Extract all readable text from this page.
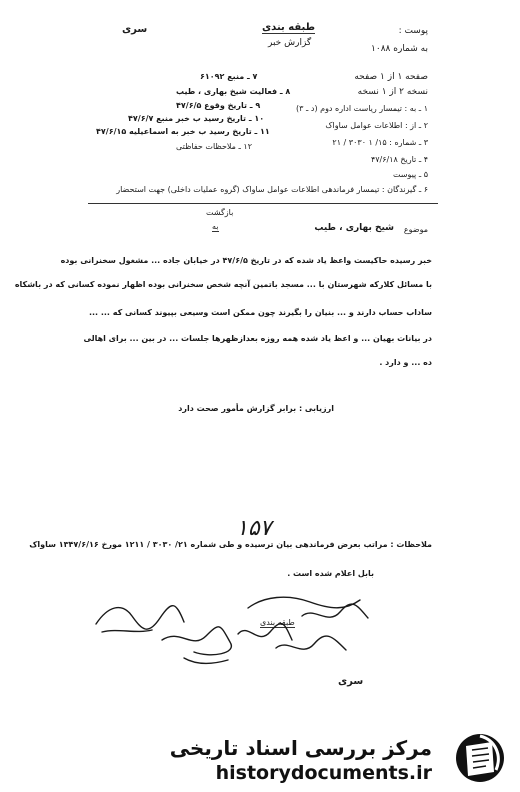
سری	طبقه بندی
گزارش خبر
پوست :
به شماره ۱۰۸۸
صفحه ۱ از ۱ صفحه
نسخه ۲ از ۱ نسخه
۱ ـ به : تیمسار ریاست اداره دوم (د ـ ۳)
۲ ـ از : اطلاعات عوامل ساواک
۳ ـ شماره : ۱۵/ ۱ ۳۰۳۰ / ۲۱
۴ ـ تاریخ ۴۷/۶/۱۸
۵ ـ پیوست
۶ ـ گیرندگان : تیمسار فرماندهی اطلاعات عوامل ساواک (گروه عملیات داخلی) جهت استحضار
۷ ـ منبع ۶۱۰۹۲
۸ ـ فعالیت شیخ بهاری ، طیب
۹ ـ تاریخ وقوع ۴۷/۶/۵
۱۰ ـ تاریخ رسید ب خبر منبع ۴۷/۶/۷
۱۱ ـ تاریخ رسید ب خبر به اسماعیلیه ۴۷/۶/۱۵
۱۲ ـ ملاحظات حفاظتی
بازگشت
به	موضوع
شیخ بهاری ، طیب
خبر رسیده حاکیست واعظ یاد شده که در تاریخ ۴۷/۶/۵ در خیابان جاده ... مشغول سخنرانی بوده
با مسائل کلارکه شهرستان با ... مسجد باتمین آنچه شخص سخنرانی بوده اظهار نموده کسانی که در باشکاه
ساداب حساب دارند و ... بنیان را بگیرند چون ممکن است وسیعی بپیوند کسانی که ... ...
در بیانات بهیان ... و اعظ یاد شده همه روزه بعدازظهرها جلسات ... در بین ... برای اهالی
ده ... و دارد .
ارزیابی : برابر گزارش مأمور صحت دارد
۱۵۷
ملاحظات : مراتب بعرض فرماندهی بیان ترسیده و طی شماره ۲۱/ ۳۰۳۰ / ۱۲۱۱ مورخ ۱۳۴۷/۶/۱۶ ساواک
بابل اعلام شده است .
طبقه بندی
سری
مرکز بررسی اسناد تاریخی
historydocuments.ir
